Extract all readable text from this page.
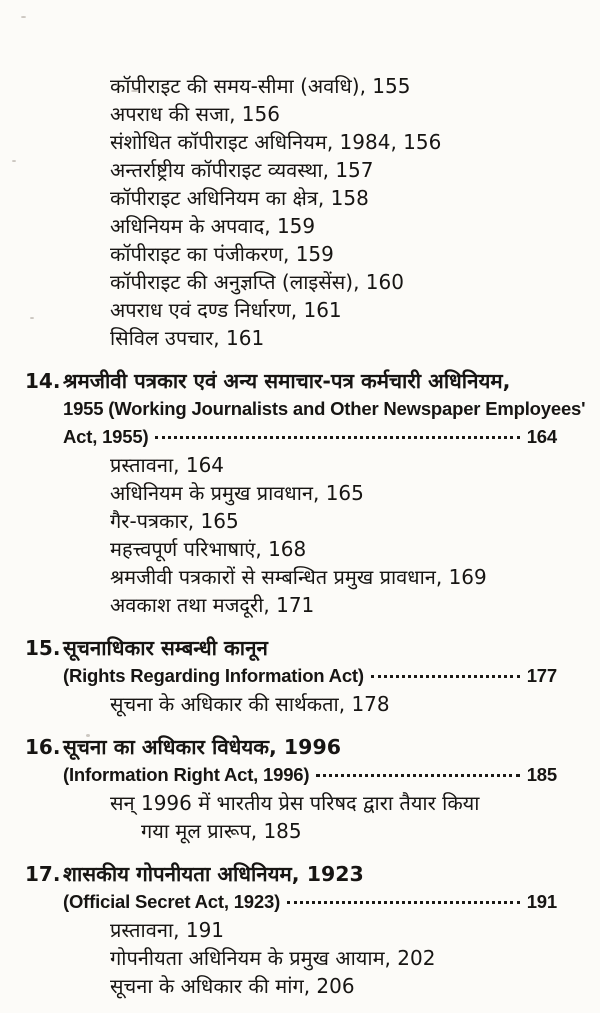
कॉपीराइट की समय-सीमा (अवधि), 155
अपराध की सजा, 156
संशोधित कॉपीराइट अधिनियम, 1984, 156
अन्तर्राष्ट्रीय कॉपीराइट व्यवस्था, 157
कॉपीराइट अधिनियम का क्षेत्र, 158
अधिनियम के अपवाद, 159
कॉपीराइट का पंजीकरण, 159
कॉपीराइट की अनुज्ञप्ति (लाइसेंस), 160
अपराध एवं दण्ड निर्धारण, 161
सिविल उपचार, 161
14. श्रमजीवी पत्रकार एवं अन्य समाचार-पत्र कर्मचारी अधिनियम,
1955 (Working Journalists and Other Newspaper Employees'
Act, 1955)	164
प्रस्तावना, 164
अधिनियम के प्रमुख प्रावधान, 165
गैर-पत्रकार, 165
महत्त्वपूर्ण परिभाषाएं, 168
श्रमजीवी पत्रकारों से सम्बन्धित प्रमुख प्रावधान, 169
अवकाश तथा मजदूरी, 171
15. सूचनाधिकार सम्बन्धी कानून
(Rights Regarding Information Act)	177
सूचना के अधिकार की सार्थकता, 178
16. सूचना का अधिकार विधेयक, 1996
(Information Right Act, 1996)	185
सन् 1996 में भारतीय प्रेस परिषद द्वारा तैयार किया
गया मूल प्रारूप, 185
17. शासकीय गोपनीयता अधिनियम, 1923
(Official Secret Act, 1923)	191
प्रस्तावना, 191
गोपनीयता अधिनियम के प्रमुख आयाम, 202
सूचना के अधिकार की मांग, 206
